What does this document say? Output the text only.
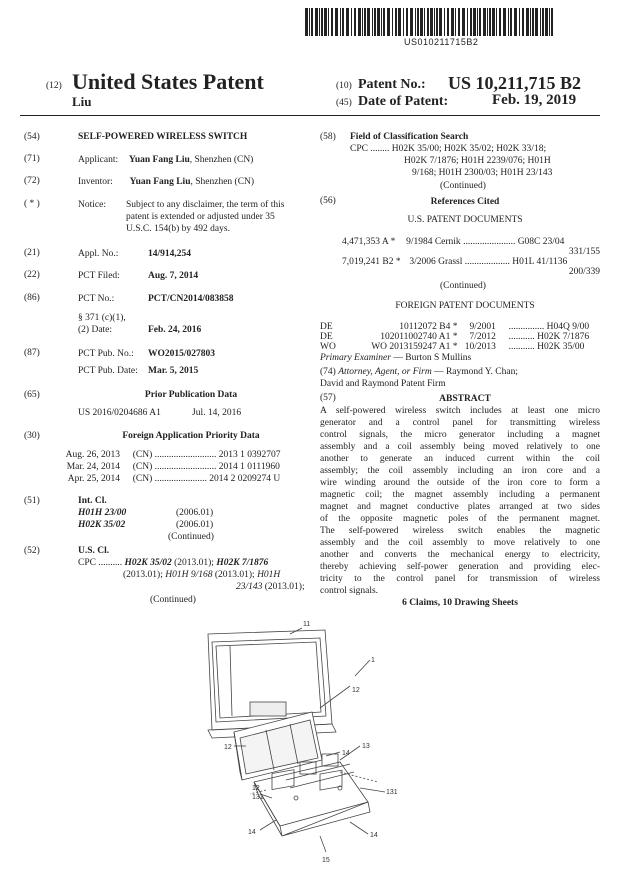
US010211715B2
(12) United States Patent
Liu
(10) Patent No.: US 10,211,715 B2
(45) Date of Patent:	Feb. 19, 2019
(54)	SELF-POWERED WIRELESS SWITCH
(71)	Applicant: Yuan Fang Liu, Shenzhen (CN)
(72)	Inventor: Yuan Fang Liu, Shenzhen (CN)
( * )	Notice: Subject to any disclaimer, the term of this
patent is extended or adjusted under 35
U.S.C. 154(b) by 492 days.
(21)	Appl. No.:	14/914,254
(22)	PCT Filed:	Aug. 7, 2014
(86)	PCT No.:	PCT/CN2014/083858
§ 371 (c)(1),
(2) Date:	Feb. 24, 2016
(87)	PCT Pub. No.: WO2015/027803
PCT Pub. Date: Mar. 5, 2015
(65)	Prior Publication Data
US 2016/0204686 A1	Jul. 14, 2016
(30)	Foreign Application Priority Data
Aug. 26, 2013 (CN) .......................... 2013 1 0392707
Mar. 24, 2014 (CN) .......................... 2014 1 0111960
Apr. 25, 2014 (CN) ...................... 2014 2 0209274 U
(51)	Int. Cl.
H01H 23/00	(2006.01)
H02K 35/02	(2006.01)
(Continued)
(52)	U.S. Cl.
CPC .......... H02K 35/02 (2013.01); H02K 7/1876
(2013.01); H01H 9/168 (2013.01); H01H
23/143 (2013.01);
(Continued)
(58) Field of Classification Search
CPC ........ H02K 35/00; H02K 35/02; H02K 33/18;
H02K 7/1876; H01H 2239/076; H01H
9/168; H01H 2300/03; H01H 23/143
(Continued)
(56)	References Cited
U.S. PATENT DOCUMENTS
4,471,353 A * 9/1984 Cernik ...................... G08C 23/04
331/155
7,019,241 B2 * 3/2006 Grassl ................... H01L 41/1136
200/339
(Continued)
FOREIGN PATENT DOCUMENTS
DE	10112072 B4 * 9/2001 ............... H04Q 9/00
DE	102011002740 A1 * 7/2012 ........... H02K 7/1876
WO	WO 2013159247 A1 * 10/2013 ........... H02K 35/00
Primary Examiner — Burton S Mullins
(74) Attorney, Agent, or Firm — Raymond Y. Chan;
David and Raymond Patent Firm
(57)	ABSTRACT
A self-powered wireless switch includes at least one micro
generator and a control panel for transmitting wireless
control signals, the micro generator including a magnet
assembly and a coil assembly being moved relatively to one
another to generate an induced current within the coil
assembly; the coil assembly including an iron core and a
wire winding around the outside of the iron core to form a
magnetic coil; the magnet assembly including a permanent
magnet and magnet conductive plates arranged at two sides
of the opposite magnetic poles of the permanent magnet.
The self-powered wireless switch enables the magnetic
assembly and the coil assembly to move relatively to one
another and converts the mechanical energy to electricity,
thereby achieving self-power generation and providing elec-
tricity to the control panel for transmission of wireless
control signals.
6 Claims, 10 Drawing Sheets
11
1
12
12	13
14
12
131
131
14	14
15
